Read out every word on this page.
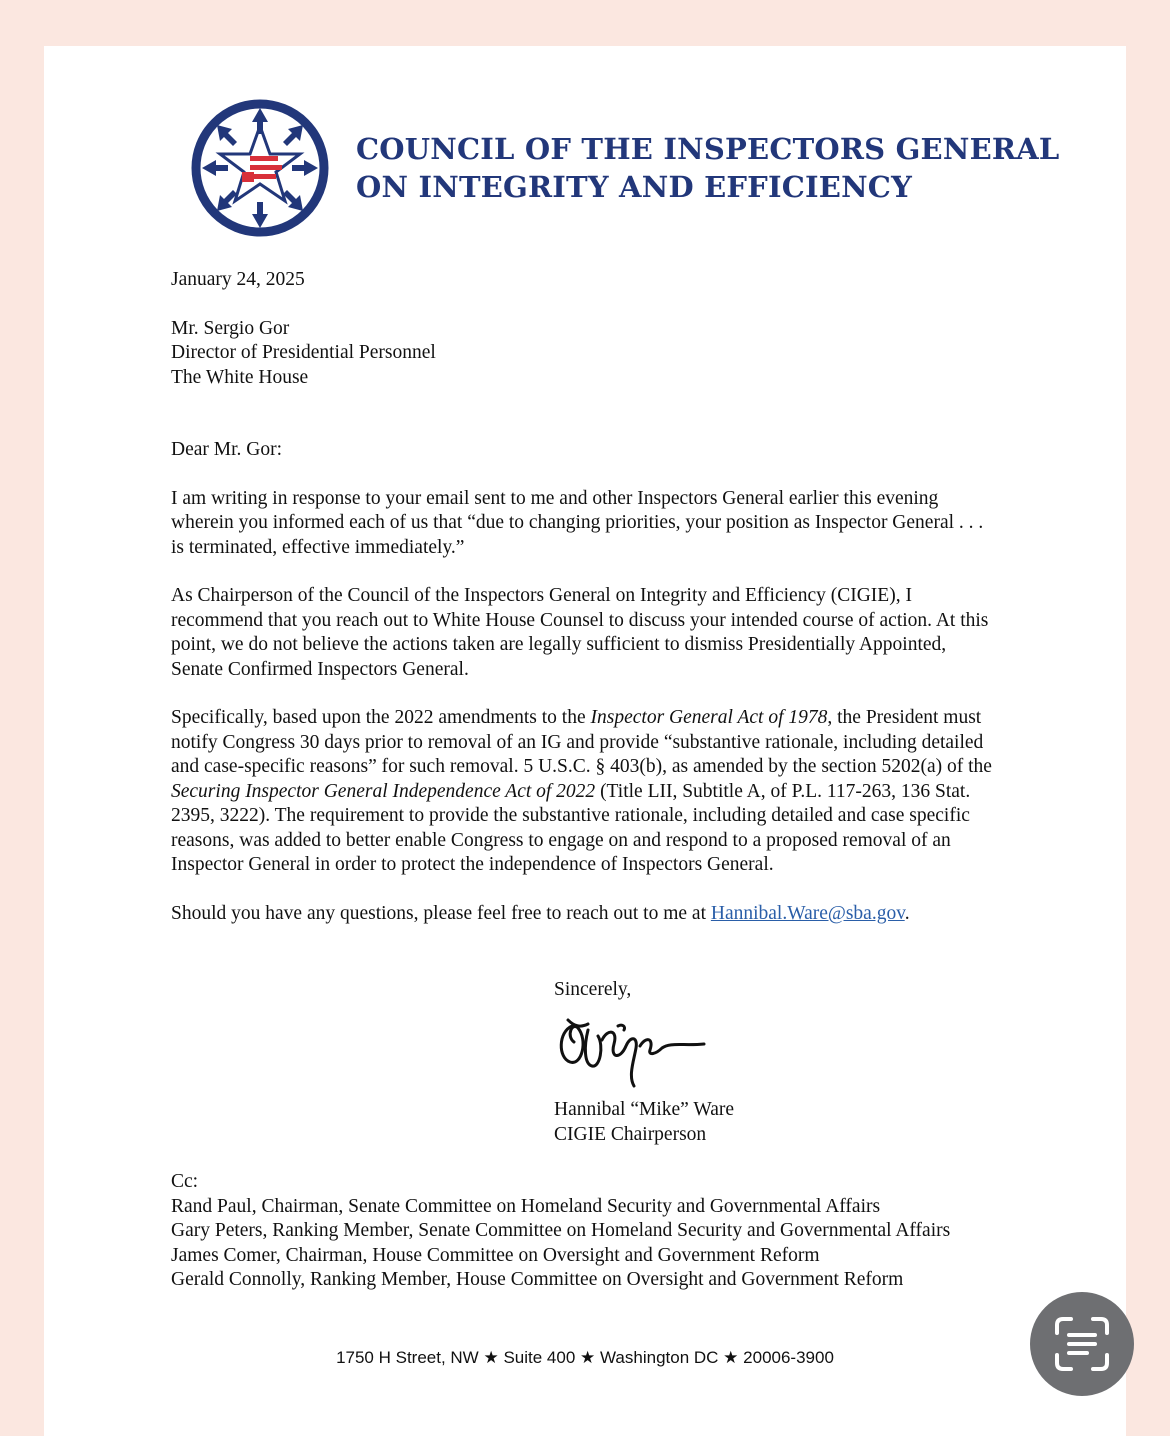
COUNCIL OF THE INSPECTORS GENERAL
ON INTEGRITY AND EFFICIENCY

January 24, 2025

Mr. Sergio Gor

Director of Presidential Personnel

The White House

Dear Mr. Gor:

I am writing in response to your email sent to me and other Inspectors General earlier this evening wherein you informed each of us that “due to changing priorities, your position as Inspector General . . . is terminated, effective immediately.”

As Chairperson of the Council of the Inspectors General on Integrity and Efficiency (CIGIE), I recommend that you reach out to White House Counsel to discuss your intended course of action. At this point, we do not believe the actions taken are legally sufficient to dismiss Presidentially Appointed, Senate Confirmed Inspectors General.

Specifically, based upon the 2022 amendments to the Inspector General Act of 1978, the President must notify Congress 30 days prior to removal of an IG and provide “substantive rationale, including detailed and case-specific reasons” for such removal. 5 U.S.C. § 403(b), as amended by the section 5202(a) of the Securing Inspector General Independence Act of 2022 (Title LII, Subtitle A, of P.L. 117-263, 136 Stat. 2395, 3222). The requirement to provide the substantive rationale, including detailed and case specific reasons, was added to better enable Congress to engage on and respond to a proposed removal of an Inspector General in order to protect the independence of Inspectors General.

Should you have any questions, please feel free to reach out to me at Hannibal.Ware@sba.gov.

Sincerely,
Hannibal “Mike” Ware
CIGIE Chairperson

Cc:

Rand Paul, Chairman, Senate Committee on Homeland Security and Governmental Affairs

Gary Peters, Ranking Member, Senate Committee on Homeland Security and Governmental Affairs

James Comer, Chairman, House Committee on Oversight and Government Reform

Gerald Connolly, Ranking Member, House Committee on Oversight and Government Reform

1750 H Street, NW ★ Suite 400 ★ Washington DC ★ 20006-3900
